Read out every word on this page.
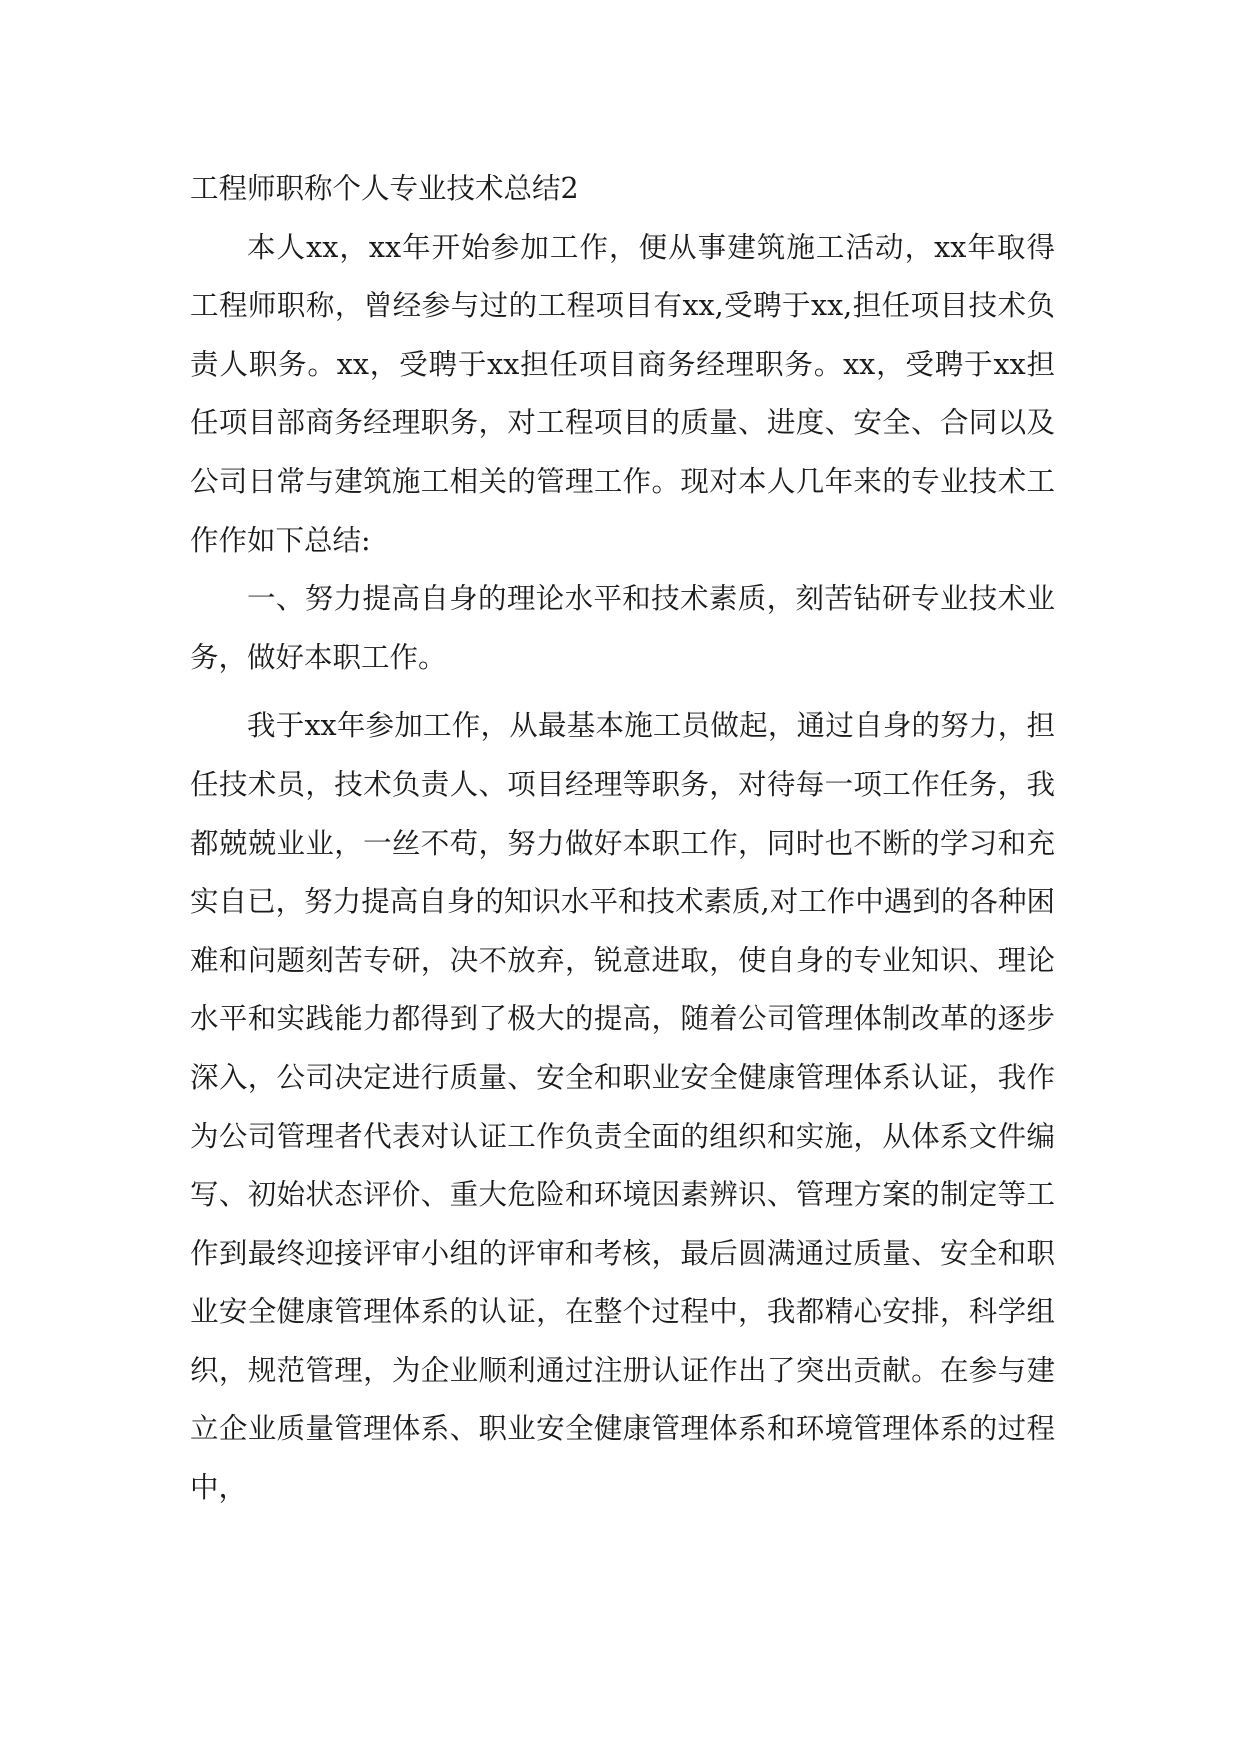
工程师职称个人专业技术总结2

本人xx，xx年开始参加工作，便从事建筑施工活动，xx年取得工程师职称，曾经参与过的工程项目有xx,受聘于xx,担任项目技术负责人职务。xx，受聘于xx担任项目商务经理职务。xx，受聘于xx担任项目部商务经理职务，对工程项目的质量、进度、安全、合同以及公司日常与建筑施工相关的管理工作。现对本人几年来的专业技术工作作如下总结:

一、努力提高自身的理论水平和技术素质，刻苦钻研专业技术业务，做好本职工作。

我于xx年参加工作，从最基本施工员做起，通过自身的努力，担任技术员，技术负责人、项目经理等职务，对待每一项工作任务，我都兢兢业业，一丝不苟，努力做好本职工作，同时也不断的学习和充实自已，努力提高自身的知识水平和技术素质,对工作中遇到的各种困难和问题刻苦专研，决不放弃，锐意进取，使自身的专业知识、理论水平和实践能力都得到了极大的提高，随着公司管理体制改革的逐步深入，公司决定进行质量、安全和职业安全健康管理体系认证，我作为公司管理者代表对认证工作负责全面的组织和实施，从体系文件编写、初始状态评价、重大危险和环境因素辨识、管理方案的制定等工作到最终迎接评审小组的评审和考核，最后圆满通过质量、安全和职业安全健康管理体系的认证，在整个过程中，我都精心安排，科学组织，规范管理，为企业顺利通过注册认证作出了突出贡献。在参与建立企业质量管理体系、职业安全健康管理体系和环境管理体系的过程中，
